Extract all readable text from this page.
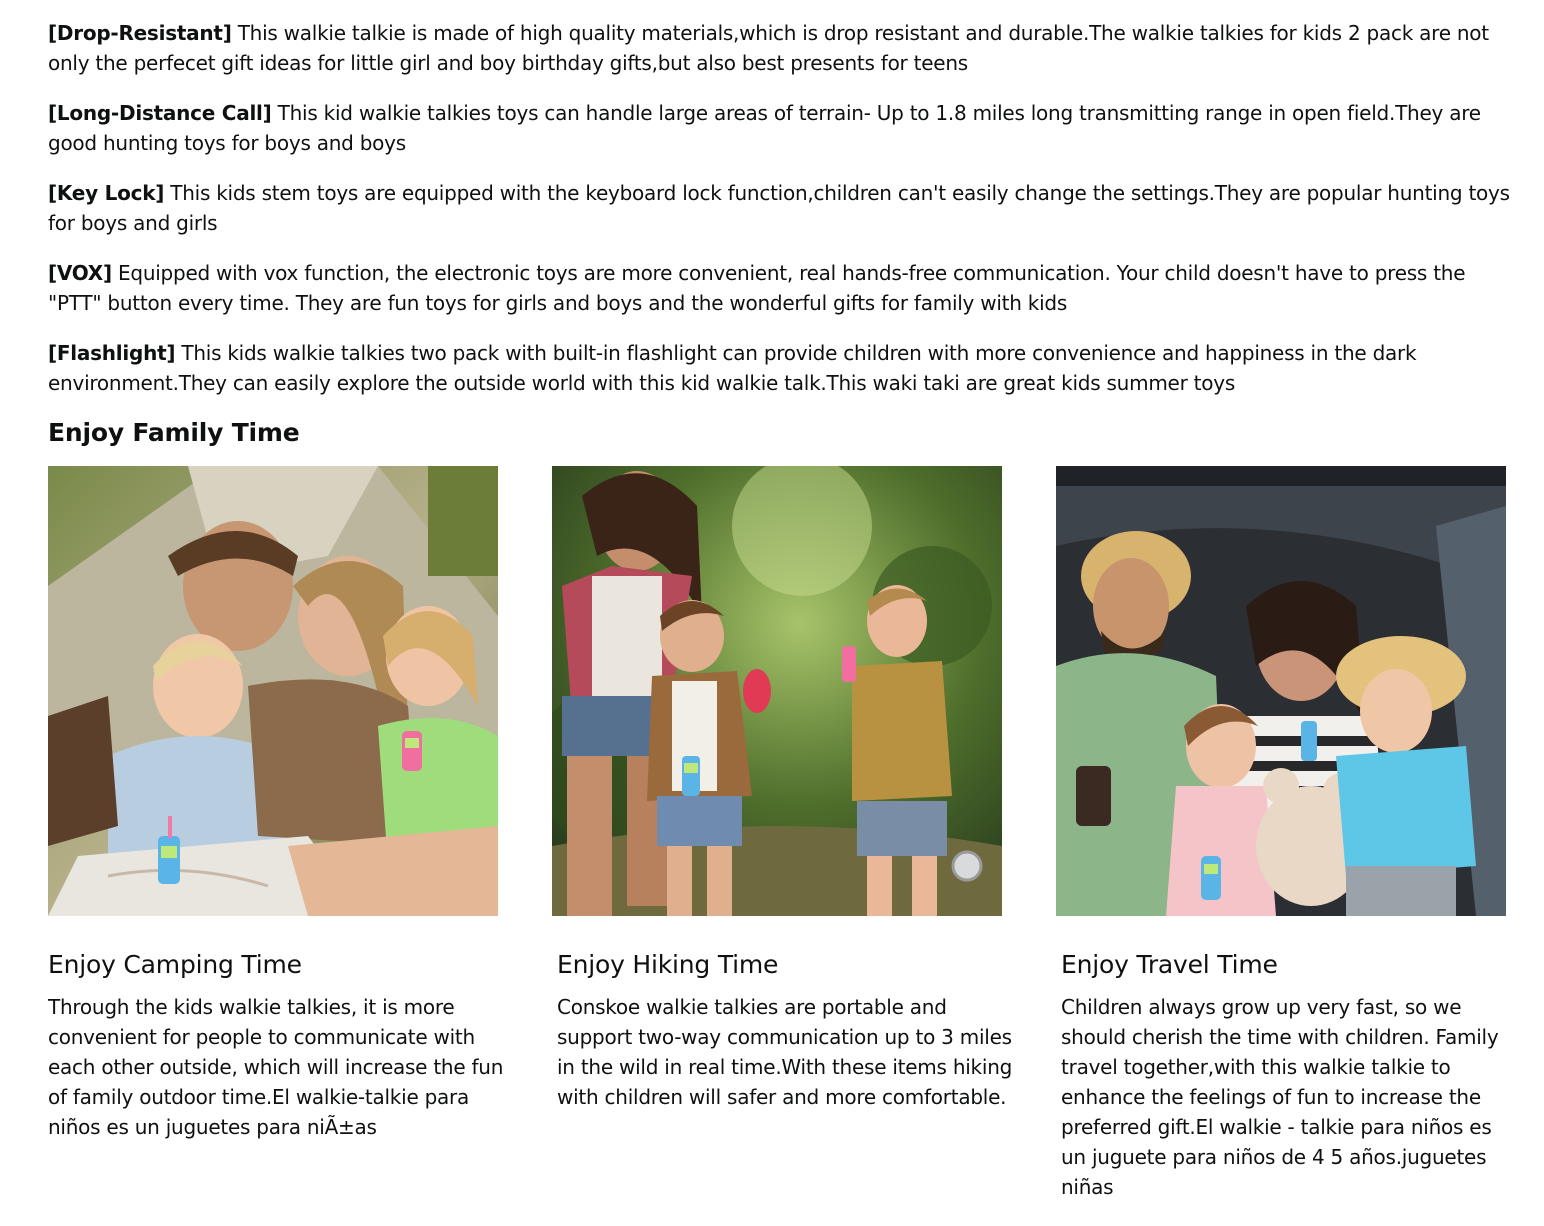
[Drop-Resistant] This walkie talkie is made of high quality materials,which is drop resistant and durable.The walkie talkies for kids 2 pack are not only the perfecet gift ideas for little girl and boy birthday gifts,but also best presents for teens

[Long-Distance Call] This kid walkie talkies toys can handle large areas of terrain- Up to 1.8 miles long transmitting range in open field.They are good hunting toys for boys and boys

[Key Lock] This kids stem toys are equipped with the keyboard lock function,children can't easily change the settings.They are popular hunting toys for boys and girls

[VOX] Equipped with vox function, the electronic toys are more convenient, real hands-free communication. Your child doesn't have to press the "PTT" button every time. They are fun toys for girls and boys and the wonderful gifts for family with kids

[Flashlight] This kids walkie talkies two pack with built-in flashlight can provide children with more convenience and happiness in the dark environment.They can easily explore the outside world with this kid walkie talk.This waki taki are great kids summer toys

Enjoy Family Time
Enjoy Camping Time
Through the kids walkie talkies, it is more convenient for people to communicate with each other outside, which will increase the fun of family outdoor time.El walkie-talkie para niños es un juguetes para niÃ±as
Enjoy Hiking Time
Conskoe walkie talkies are portable and support two-way communication up to 3 miles in the wild in real time.With these items hiking with children will safer and more comfortable.
Enjoy Travel Time
Children always grow up very fast, so we should cherish the time with children. Family travel together,with this walkie talkie to enhance the feelings of fun to increase the preferred gift.El walkie - talkie para niños es un juguete para niños de 4 5 años.juguetes niñas
